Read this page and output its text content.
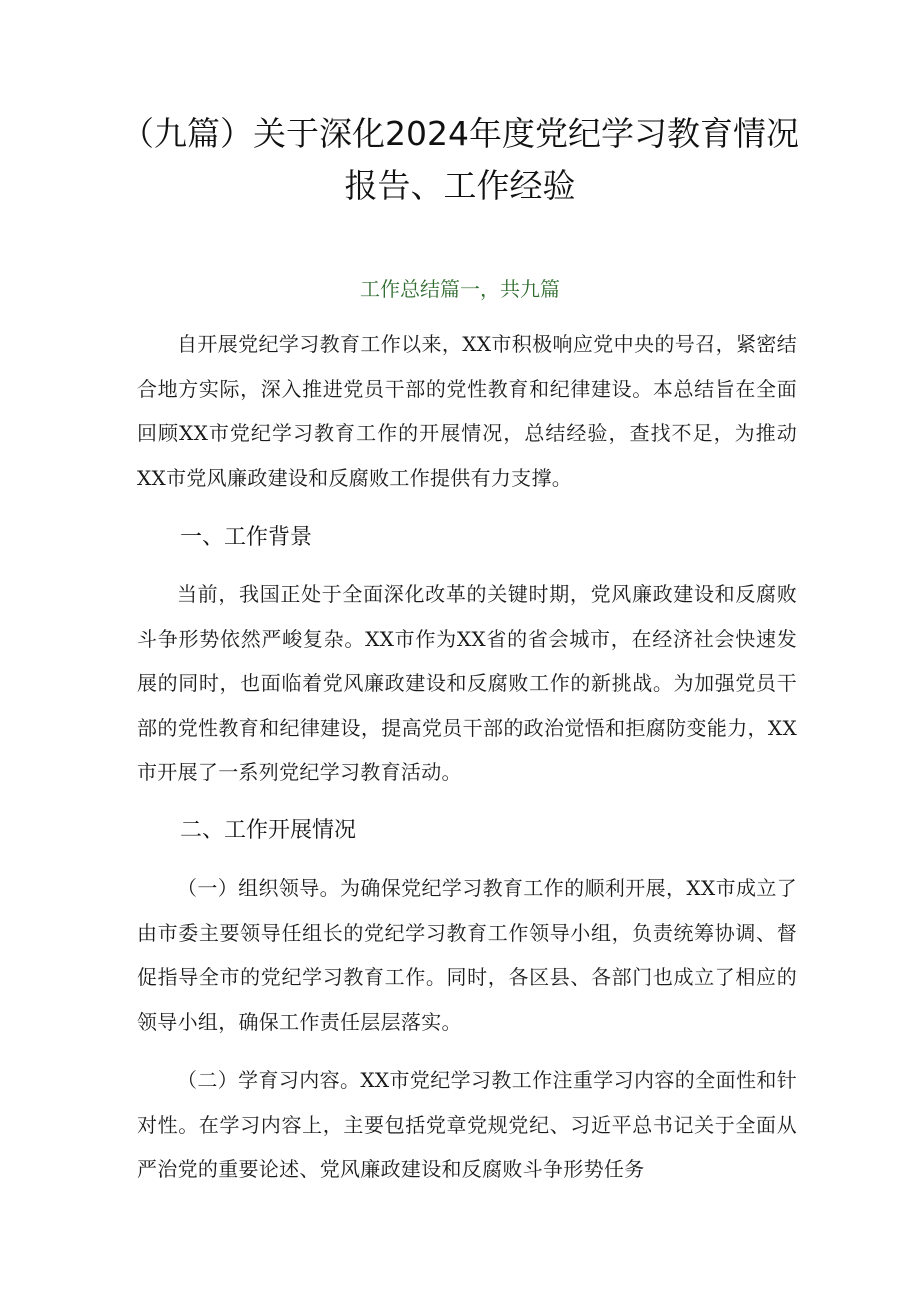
（九篇）关于深化2024年度党纪学习教育情况报告、工作经验
工作总结篇一，共九篇

自开展党纪学习教育工作以来，XX市积极响应党中央的号召，紧密结合地方实际，深入推进党员干部的党性教育和纪律建设。本总结旨在全面回顾XX市党纪学习教育工作的开展情况，总结经验，查找不足，为推动XX市党风廉政建设和反腐败工作提供有力支撑。

一、工作背景

当前，我国正处于全面深化改革的关键时期，党风廉政建设和反腐败斗争形势依然严峻复杂。XX市作为XX省的省会城市，在经济社会快速发展的同时，也面临着党风廉政建设和反腐败工作的新挑战。为加强党员干部的党性教育和纪律建设，提高党员干部的政治觉悟和拒腐防变能力，XX市开展了一系列党纪学习教育活动。

二、工作开展情况

（一）组织领导。为确保党纪学习教育工作的顺利开展，XX市成立了由市委主要领导任组长的党纪学习教育工作领导小组，负责统筹协调、督促指导全市的党纪学习教育工作。同时，各区县、各部门也成立了相应的领导小组，确保工作责任层层落实。

（二）学育习内容。XX市党纪学习教工作注重学习内容的全面性和针对性。在学习内容上，主要包括党章党规党纪、习近平总书记关于全面从严治党的重要论述、党风廉政建设和反腐败斗争形势任务
